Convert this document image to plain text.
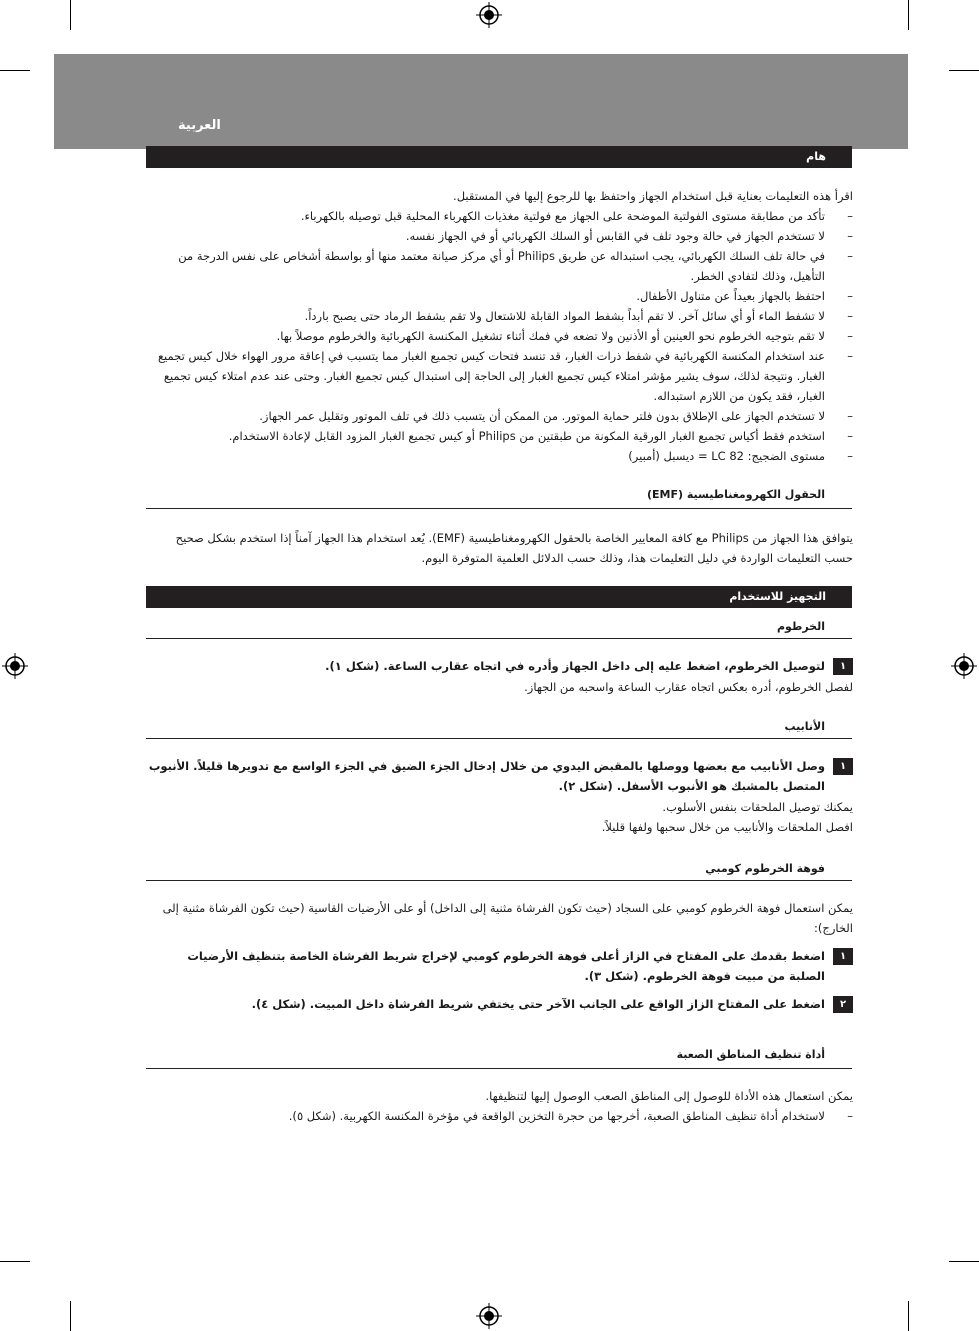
العربية
هام
اقرأ هذه التعليمات بعناية قبل استخدام الجهاز واحتفظ بها للرجوع إليها في المستقبل.
– تأكد من مطابقة مستوى الفولتية الموضحة على الجهاز مع فولتية مغذيات الكهرباء المحلية قبل توصيله بالكهرباء.
– لا تستخدم الجهاز في حالة وجود تلف في القابس أو السلك الكهربائي أو في الجهاز نفسه.
– في حالة تلف السلك الكهربائي، يجب استبداله عن طريق Philips أو أي مركز صيانة معتمد منها أو بواسطة أشخاص على نفس الدرجة من التأهيل، وذلك لتفادي الخطر.
– احتفظ بالجهاز بعيداً عن متناول الأطفال.
– لا تشفط الماء أو أي سائل آخر. لا تقم أبداً بشفط المواد القابلة للاشتعال ولا تقم بشفط الرماد حتى يصبح بارداً.
– لا تقم بتوجيه الخرطوم نحو العينين أو الأذنين ولا تضعه في فمك أثناء تشغيل المكنسة الكهربائية والخرطوم موصلاً بها.
– عند استخدام المكنسة الكهربائية في شفط ذرات الغبار، قد تنسد فتحات كيس تجميع الغبار مما يتسبب في إعاقة مرور الهواء خلال كيس تجميع الغبار. ونتيجة لذلك، سوف يشير مؤشر امتلاء كيس تجميع الغبار إلى الحاجة إلى استبدال كيس تجميع الغبار. وحتى عند عدم امتلاء كيس تجميع الغبار، فقد يكون من اللازم استبداله.
– لا تستخدم الجهاز على الإطلاق بدون فلتر حماية الموتور. من الممكن أن يتسبب ذلك في تلف الموتور وتقليل عمر الجهاز.
– استخدم فقط أكياس تجميع الغبار الورقية المكونة من طبقتين من Philips أو كيس تجميع الغبار المزود القابل لإعادة الاستخدام.
– مستوى الضجيج: LC 82 = ديسبل (أمبير)
الحقول الكهرومغناطيسية (EMF)
يتوافق هذا الجهاز من Philips مع كافة المعايير الخاصة بالحقول الكهرومغناطيسية (EMF). يُعد استخدام هذا الجهاز آمناً إذا استخدم بشكل صحيح حسب التعليمات الواردة في دليل التعليمات هذا، وذلك حسب الدلائل العلمية المتوفرة اليوم.
التجهيز للاستخدام
الخرطوم
١
لتوصيل الخرطوم، اضغط عليه إلى داخل الجهاز وأدره في اتجاه عقارب الساعة. (شكل ١).
لفصل الخرطوم، أدره بعكس اتجاه عقارب الساعة واسحبه من الجهاز.
الأنابيب
١
وصل الأنابيب مع بعضها ووصلها بالمقبض اليدوي من خلال إدخال الجزء الضيق في الجزء الواسع مع تدويرها قليلاً. الأنبوب المتصل بالمشبك هو الأنبوب الأسفل. (شكل ٢).
يمكنك توصيل الملحقات بنفس الأسلوب.
افصل الملحقات والأنابيب من خلال سحبها ولفها قليلاً.
فوهة الخرطوم كومبي
يمكن استعمال فوهة الخرطوم كومبي على السجاد (حيث تكون الفرشاة مثنية إلى الداخل) أو على الأرضيات القاسية (حيث تكون الفرشاة مثنية إلى الخارج):
١
اضغط بقدمك على المفتاح في الزاز أعلى فوهة الخرطوم كومبي لإخراج شريط الفرشاة الخاصة بتنظيف الأرضيات الصلبة من مبيت فوهة الخرطوم. (شكل ٣).
٢
اضغط على المفتاح الزاز الواقع على الجانب الآخر حتى يختفي شريط الفرشاة داخل المبيت. (شكل ٤).
أداة تنظيف المناطق الصعبة
يمكن استعمال هذه الأداة للوصول إلى المناطق الصعب الوصول إليها لتنظيفها.
– لاستخدام أداة تنظيف المناطق الصعبة، أخرجها من حجرة التخزين الواقعة في مؤخرة المكنسة الكهربية. (شكل ٥).
